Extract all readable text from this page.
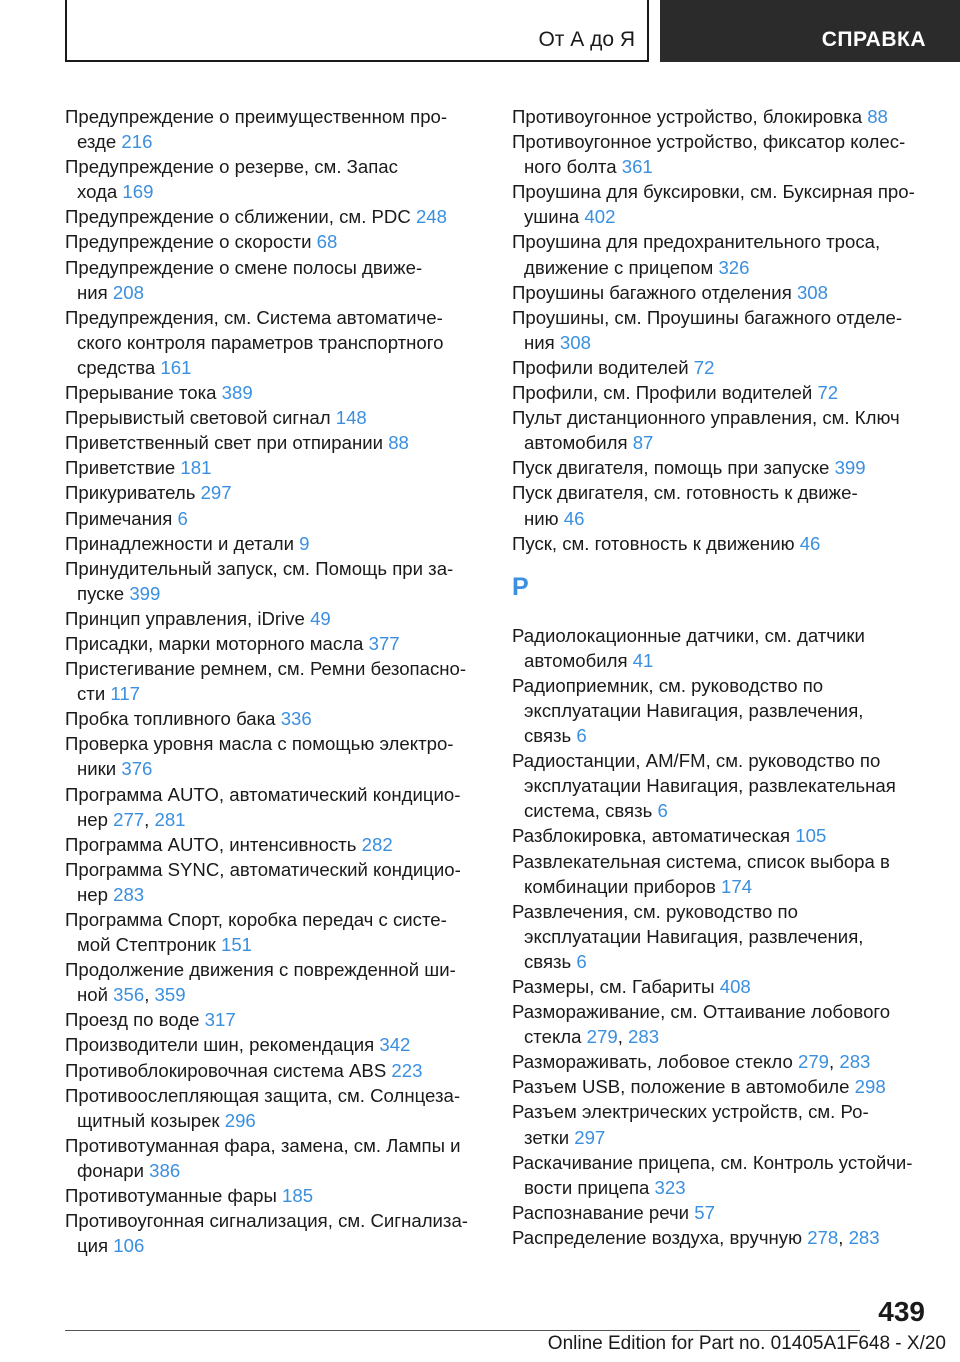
От А до Я	СПРАВКА
Предупреждение о преимущественном про-
езде 216
Предупреждение о резерве, см. Запас
хода 169
Предупреждение о сближении, см. PDC 248
Предупреждение о скорости 68
Предупреждение о смене полосы движе-
ния 208
Предупреждения, см. Система автоматиче-
ского контроля параметров транспортного
средства 161
Прерывание тока 389
Прерывистый световой сигнал 148
Приветственный свет при отпирании 88
Приветствие 181
Прикуриватель 297
Примечания 6
Принадлежности и детали 9
Принудительный запуск, см. Помощь при за-
пуске 399
Принцип управления, iDrive 49
Присадки, марки моторного масла 377
Пристегивание ремнем, см. Ремни безопасно-
сти 117
Пробка топливного бака 336
Проверка уровня масла с помощью электро-
ники 376
Программа AUTO, автоматический кондицио-
нер 277, 281
Программа AUTO, интенсивность 282
Программа SYNC, автоматический кондицио-
нер 283
Программа Спорт, коробка передач с систе-
мой Стептроник 151
Продолжение движения с поврежденной ши-
ной 356, 359
Проезд по воде 317
Производители шин, рекомендация 342
Противоблокировочная система ABS 223
Противоослепляющая защита, см. Солнцеза-
щитный козырек 296
Противотуманная фара, замена, см. Лампы и
фонари 386
Противотуманные фары 185
Противоугонная сигнализация, см. Сигнализа-
ция 106
Противоугонное устройство, блокировка 88
Противоугонное устройство, фиксатор колес-
ного болта 361
Проушина для буксировки, см. Буксирная про-
ушина 402
Проушина для предохранительного троса,
движение с прицепом 326
Проушины багажного отделения 308
Проушины, см. Проушины багажного отделе-
ния 308
Профили водителей 72
Профили, см. Профили водителей 72
Пульт дистанционного управления, см. Ключ
автомобиля 87
Пуск двигателя, помощь при запуске 399
Пуск двигателя, см. готовность к движе-
нию 46
Пуск, см. готовность к движению 46
Р
Радиолокационные датчики, см. датчики
автомобиля 41
Радиоприемник, см. руководство по
эксплуатации Навигация, развлечения,
связь 6
Радиостанции, AM/FM, см. руководство по
эксплуатации Навигация, развлекательная
система, связь 6
Разблокировка, автоматическая 105
Развлекательная система, список выбора в
комбинации приборов 174
Развлечения, см. руководство по
эксплуатации Навигация, развлечения,
связь 6
Размеры, см. Габариты 408
Размораживание, см. Оттаивание лобового
стекла 279, 283
Размораживать, лобовое стекло 279, 283
Разъем USB, положение в автомобиле 298
Разъем электрических устройств, см. Ро-
зетки 297
Раскачивание прицепа, см. Контроль устойчи-
вости прицепа 323
Распознавание речи 57
Распределение воздуха, вручную 278, 283
439
Online Edition for Part no. 01405A1F648 - X/20
